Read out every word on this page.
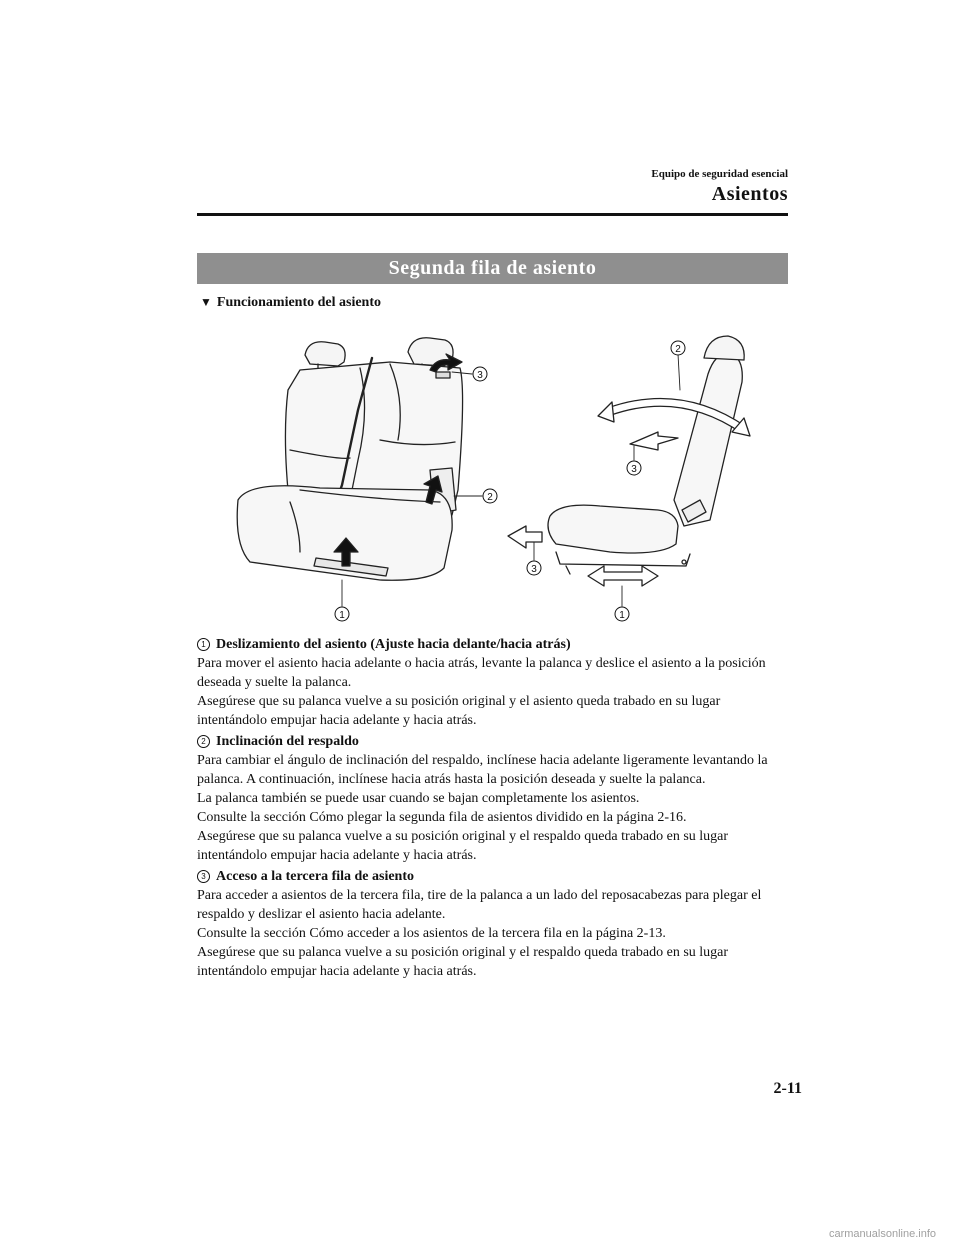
Equipo de seguridad esencial
Asientos
Segunda fila de asiento
▼ Funcionamiento del asiento
1
2
3
2
3
3
1
1 Deslizamiento del asiento (Ajuste hacia delante/hacia atrás)

Para mover el asiento hacia adelante o hacia atrás, levante la palanca y deslice el asiento a la posición deseada y suelte la palanca.

Asegúrese que su palanca vuelve a su posición original y el asiento queda trabado en su lugar intentándolo empujar hacia adelante y hacia atrás.

2 Inclinación del respaldo

Para cambiar el ángulo de inclinación del respaldo, inclínese hacia adelante ligeramente levantando la palanca. A continuación, inclínese hacia atrás hasta la posición deseada y suelte la palanca.

La palanca también se puede usar cuando se bajan completamente los asientos.

Consulte la sección Cómo plegar la segunda fila de asientos dividido en la página 2-16.

Asegúrese que su palanca vuelve a su posición original y el respaldo queda trabado en su lugar intentándolo empujar hacia adelante y hacia atrás.

3 Acceso a la tercera fila de asiento

Para acceder a asientos de la tercera fila, tire de la palanca a un lado del reposacabezas para plegar el respaldo y deslizar el asiento hacia adelante.

Consulte la sección Cómo acceder a los asientos de la tercera fila en la página 2-13.

Asegúrese que su palanca vuelve a su posición original y el respaldo queda trabado en su lugar intentándolo empujar hacia adelante y hacia atrás.

2-11
carmanualsonline.info
